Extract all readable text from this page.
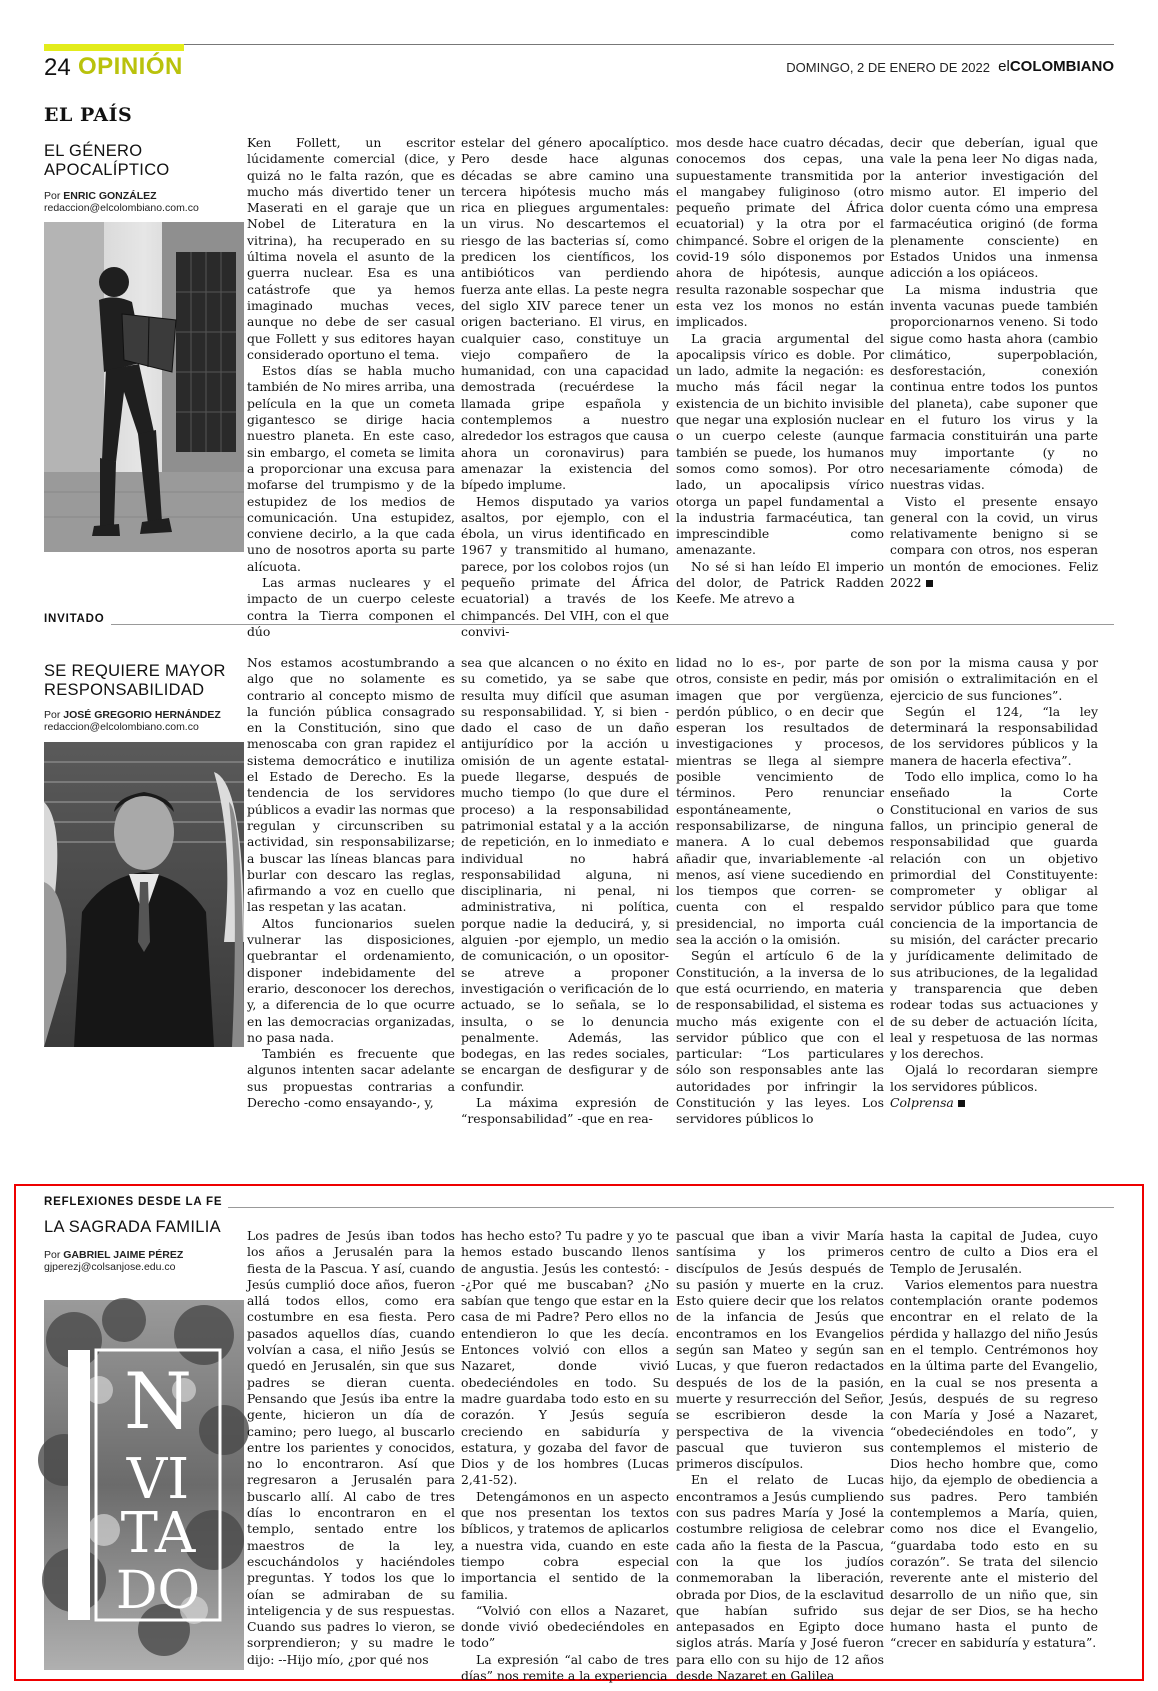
24 OPINIÓN	DOMINGO, 2 DE ENERO DE 2022 elCOLOMBIANO
EL PAÍS
EL GÉNERO APOCALÍPTICO
Por ENRIC GONZÁLEZ
redaccion@elcolombiano.com.co

Ken Follett, un escritor lúcidamente comercial (dice, y quizá no le falta razón, que es mucho más divertido tener un Maserati en el garaje que un Nobel de Literatura en la vitrina), ha recuperado en su última novela el asunto de la guerra nuclear. Esa es una catástrofe que ya hemos imaginado muchas veces, aunque no debe de ser casual que Follett y sus editores hayan considerado oportuno el tema.

Estos días se habla mucho también de No mires arriba, una película en la que un cometa gigantesco se dirige hacia nuestro planeta. En este caso, sin embargo, el cometa se limita a proporcionar una excusa para mofarse del trumpismo y de la estupidez de los medios de comunicación. Una estupidez, conviene decirlo, a la que cada uno de nosotros aporta su parte alícuota.

Las armas nucleares y el impacto de un cuerpo celeste contra la Tierra componen el dúo

estelar del género apocalíptico. Pero desde hace algunas décadas se abre camino una tercera hipótesis mucho más rica en pliegues argumentales: un virus. No descartemos el riesgo de las bacterias sí, como predicen los científicos, los antibióticos van perdiendo fuerza ante ellas. La peste negra del siglo XIV parece tener un origen bacteriano. El virus, en cualquier caso, constituye un viejo compañero de la humanidad, con una capacidad demostrada (recuérdese la llamada gripe española y contemplemos a nuestro alrededor los estragos que causa ahora un coronavirus) para amenazar la existencia del bípedo implume.

Hemos disputado ya varios asaltos, por ejemplo, con el ébola, un virus identificado en 1967 y transmitido al humano, parece, por los colobos rojos (un pequeño primate del África ecuatorial) a través de los chimpancés. Del VIH, con el que convivi-

mos desde hace cuatro décadas, conocemos dos cepas, una supuestamente transmitida por el mangabey fuliginoso (otro pequeño primate del África ecuatorial) y la otra por el chimpancé. Sobre el origen de la covid-19 sólo disponemos por ahora de hipótesis, aunque resulta razonable sospechar que esta vez los monos no están implicados.

La gracia argumental del apocalipsis vírico es doble. Por un lado, admite la negación: es mucho más fácil negar la existencia de un bichito invisible que negar una explosión nuclear o un cuerpo celeste (aunque también se puede, los humanos somos como somos). Por otro lado, un apocalipsis vírico otorga un papel fundamental a la industria farmacéutica, tan imprescindible como amenazante.

No sé si han leído El imperio del dolor, de Patrick Radden Keefe. Me atrevo a

decir que deberían, igual que vale la pena leer No digas nada, la anterior investigación del mismo autor. El imperio del dolor cuenta cómo una empresa farmacéutica originó (de forma plenamente consciente) en Estados Unidos una inmensa adicción a los opiáceos.

La misma industria que inventa vacunas puede también proporcionarnos veneno. Si todo sigue como hasta ahora (cambio climático, superpoblación, desforestación, conexión continua entre todos los puntos del planeta), cabe suponer que en el futuro los virus y la farmacia constituirán una parte muy importante (y no necesariamente cómoda) de nuestras vidas.

Visto el presente ensayo general con la covid, un virus relativamente benigno si se compara con otros, nos esperan un montón de emociones. Feliz 2022

INVITADO
SE REQUIERE MAYOR RESPONSABILIDAD
Por JOSÉ GREGORIO HERNÁNDEZ
redaccion@elcolombiano.com.co

Nos estamos acostumbrando a algo que no solamente es contrario al concepto mismo de la función pública consagrado en la Constitución, sino que menoscaba con gran rapidez el sistema democrático e inutiliza el Estado de Derecho. Es la tendencia de los servidores públicos a evadir las normas que regulan y circunscriben su actividad, sin responsabilizarse; a buscar las líneas blancas para burlar con descaro las reglas, afirmando a voz en cuello que las respetan y las acatan.

Altos funcionarios suelen vulnerar las disposiciones, quebrantar el ordenamiento, disponer indebidamente del erario, desconocer los derechos, y, a diferencia de lo que ocurre en las democracias organizadas, no pasa nada.

También es frecuente que algunos intenten sacar adelante sus propuestas contrarias a Derecho -como ensayando-, y,

sea que alcancen o no éxito en su cometido, ya se sabe que resulta muy difícil que asuman su responsabilidad. Y, si bien -dado el caso de un daño antijurídico por la acción u omisión de un agente estatal- puede llegarse, después de mucho tiempo (lo que dure el proceso) a la responsabilidad patrimonial estatal y a la acción de repetición, en lo inmediato e individual no habrá responsabilidad alguna, ni disciplinaria, ni penal, ni administrativa, ni política, porque nadie la deducirá, y, si alguien -por ejemplo, un medio de comunicación, o un opositor- se atreve a proponer investigación o verificación de lo actuado, se lo señala, se lo insulta, o se lo denuncia penalmente. Además, las bodegas, en las redes sociales, se encargan de desfigurar y de confundir.

La máxima expresión de “responsabilidad” -que en rea-

lidad no lo es-, por parte de otros, consiste en pedir, más por imagen que por vergüenza, perdón público, o en decir que esperan los resultados de investigaciones y procesos, mientras se llega al siempre posible vencimiento de términos. Pero renunciar espontáneamente, o responsabilizarse, de ninguna manera. A lo cual debemos añadir que, invariablemente -al menos, así viene sucediendo en los tiempos que corren- se cuenta con el respaldo presidencial, no importa cuál sea la acción o la omisión.

Según el artículo 6 de la Constitución, a la inversa de lo que está ocurriendo, en materia de responsabilidad, el sistema es mucho más exigente con el servidor público que con el particular: “Los particulares sólo son responsables ante las autoridades por infringir la Constitución y las leyes. Los servidores públicos lo

son por la misma causa y por omisión o extralimitación en el ejercicio de sus funciones”.

Según el 124, “la ley determinará la responsabilidad de los servidores públicos y la manera de hacerla efectiva”.

Todo ello implica, como lo ha enseñado la Corte Constitucional en varios de sus fallos, un principio general de responsabilidad que guarda relación con un objetivo primordial del Constituyente: comprometer y obligar al servidor público para que tome conciencia de la importancia de su misión, del carácter precario y jurídicamente delimitado de sus atribuciones, de la legalidad y transparencia que deben rodear todas sus actuaciones y de su deber de actuación lícita, leal y respetuosa de las normas y los derechos.

Ojalá lo recordaran siempre los servidores públicos.

Colprensa

REFLEXIONES DESDE LA FE
LA SAGRADA FAMILIA
Por GABRIEL JAIME PÉREZ
gjperezj@colsanjose.edu.co
N
VI
TA
DO

Los padres de Jesús iban todos los años a Jerusalén para la fiesta de la Pascua. Y así, cuando Jesús cumplió doce años, fueron allá todos ellos, como era costumbre en esa fiesta. Pero pasados aquellos días, cuando volvían a casa, el niño Jesús se quedó en Jerusalén, sin que sus padres se dieran cuenta. Pensando que Jesús iba entre la gente, hicieron un día de camino; pero luego, al buscarlo entre los parientes y conocidos, no lo encontraron. Así que regresaron a Jerusalén para buscarlo allí. Al cabo de tres días lo encontraron en el templo, sentado entre los maestros de la ley, escuchándolos y haciéndoles preguntas. Y todos los que lo oían se admiraban de su inteligencia y de sus respuestas. Cuando sus padres lo vieron, se sorprendieron; y su madre le dijo: --Hijo mío, ¿por qué nos

has hecho esto? Tu padre y yo te hemos estado buscando llenos de angustia. Jesús les contestó: --¿Por qué me buscaban? ¿No sabían que tengo que estar en la casa de mi Padre? Pero ellos no entendieron lo que les decía. Entonces volvió con ellos a Nazaret, donde vivió obedeciéndoles en todo. Su madre guardaba todo esto en su corazón. Y Jesús seguía creciendo en sabiduría y estatura, y gozaba del favor de Dios y de los hombres (Lucas 2,41-52).

Detengámonos en un aspecto que nos presentan los textos bíblicos, y tratemos de aplicarlos a nuestra vida, cuando en este tiempo cobra especial importancia el sentido de la familia.

“Volvió con ellos a Nazaret, donde vivió obedeciéndoles en todo”

La expresión “al cabo de tres días” nos remite a la experiencia

pascual que iban a vivir María santísima y los primeros discípulos de Jesús después de su pasión y muerte en la cruz. Esto quiere decir que los relatos de la infancia de Jesús que encontramos en los Evangelios según san Mateo y según san Lucas, y que fueron redactados después de los de la pasión, muerte y resurrección del Señor, se escribieron desde la perspectiva de la vivencia pascual que tuvieron sus primeros discípulos.

En el relato de Lucas encontramos a Jesús cumpliendo con sus padres María y José la costumbre religiosa de celebrar cada año la fiesta de la Pascua, con la que los judíos conmemoraban la liberación, obrada por Dios, de la esclavitud que habían sufrido sus antepasados en Egipto doce siglos atrás. María y José fueron para ello con su hijo de 12 años desde Nazaret en Galilea

hasta la capital de Judea, cuyo centro de culto a Dios era el Templo de Jerusalén.

Varios elementos para nuestra contemplación orante podemos encontrar en el relato de la pérdida y hallazgo del niño Jesús en el templo. Centrémonos hoy en la última parte del Evangelio, en la cual se nos presenta a Jesús, después de su regreso con María y José a Nazaret, “obedeciéndoles en todo”, y contemplemos el misterio de Dios hecho hombre que, como hijo, da ejemplo de obediencia a sus padres. Pero también contemplemos a María, quien, como nos dice el Evangelio, “guardaba todo esto en su corazón”. Se trata del silencio reverente ante el misterio del desarrollo de un niño que, sin dejar de ser Dios, se ha hecho humano hasta el punto de “crecer en sabiduría y estatura”.
